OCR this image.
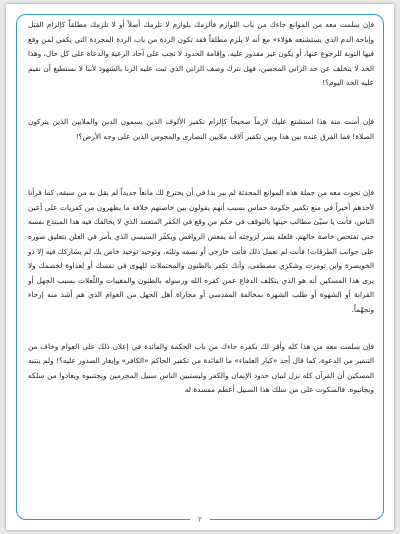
فإن سلمت معه من الموانع جاءك من باب اللوازم فألزمك بلوازم لا تلزمك أصلاً أو لا تلزمك مطلقاً كإلزام القتل وإباحة الدم الذي يستشنعه هؤلاء» مع أنه لا يلزم مطلقاً فقد تكون الردة من باب الردة المجردة التي يكفي لمن وقع فيها التوبة للرجوع عنها، أو يكون غير مقدور عليه، وإقامة الحدود لا تجب على آحاد الرعية والدعاة على كل حال، وهذا الحد لا يتخلف عن حد الزاني المحصن، فهل نترك وصف الزاني الذي ثبت عليه الزنا بالشهود لأننا لا نستطيع أن نقيم عليه الحد اليوم؟!

فإن أمنت منه هذا استشنع عليك لازماً صحيحاً كإلزام تكفير الألوف الذين يسمون الدين والملايين الذين يتركون الصلاة! فما الفرق عنده بين هذا وبين تكفير آلاف ملايين النصارى والمجوس الذين على وجه الأرض؟!

فإن نجوت معه من جملة هذه الموانع المحدثة لم يبر بدا في أن يخترع لك مانعاً جديداً لم يقل به من سبقه، كما قرأنا لأحدهم أخيراً في منع تكفير حكومة حماس بسبب أنهم يقولون بين خاصتهم خلافه ما يظهرون من كفريات على أعين الناس، فأنت يا سيّئ مطالب حينها بالتوقف في حكم من وقع في الكفر المتعمد الذي لا يخالفك فيه هذا المبتدع نفسه حتى تفتحص خاصة حالهم، فلعله يسر لزوجته أنه يفعض الروافض ويكفّر السيسي الذي يأمر في العلن بتعليق صوره على جوانب الطرقات! فأنت لم تعمل ذلك فأنت خارجي أو نصفه وثلثه، وتوحيد توحيد خاص بك لم يشاركك فيه إلا ذو الخويصرة وابن تومرت وشكري مصطفى، وأنك تكفر بالظنون والمحتملات للهوى في نفسك أو لعداوة لخصمك ولا يرى هذا المسكين أنه هو الذي يتكلف الدفاع عمن كفره الله ورسوله بالظنون والمغيبات واللّعلات بسبب الجهل أو القرابة أو الشهوة أو طلب الشهرة بمخالفة المقدسي أو مجاراة أهل الجهل من العوام الذي هم أشد منه إرجاء وتجهّماً.

فإن سلمت معه من هذا كله وأقر لك بكفره جاءك من باب الحكمة والفائدة في إعلان ذلك على العوام وخاف من التنفير من الدعوة، كما قال أحد «كبار العلماء» ما الفائدة من تكفير الحاكم «الكافر» وإيغار الصدور عليه؟! ولم ينتبه المسكين أن القرآن كله نزل لبيان حدود الإيمان والكفر وليستبين الناس سبيل المجرمين ويجتنبوه ويعادوا من سلكه ويجانبوه. فالسكوت على من سلك هذا السبيل أعظم مفسدة له

٣
